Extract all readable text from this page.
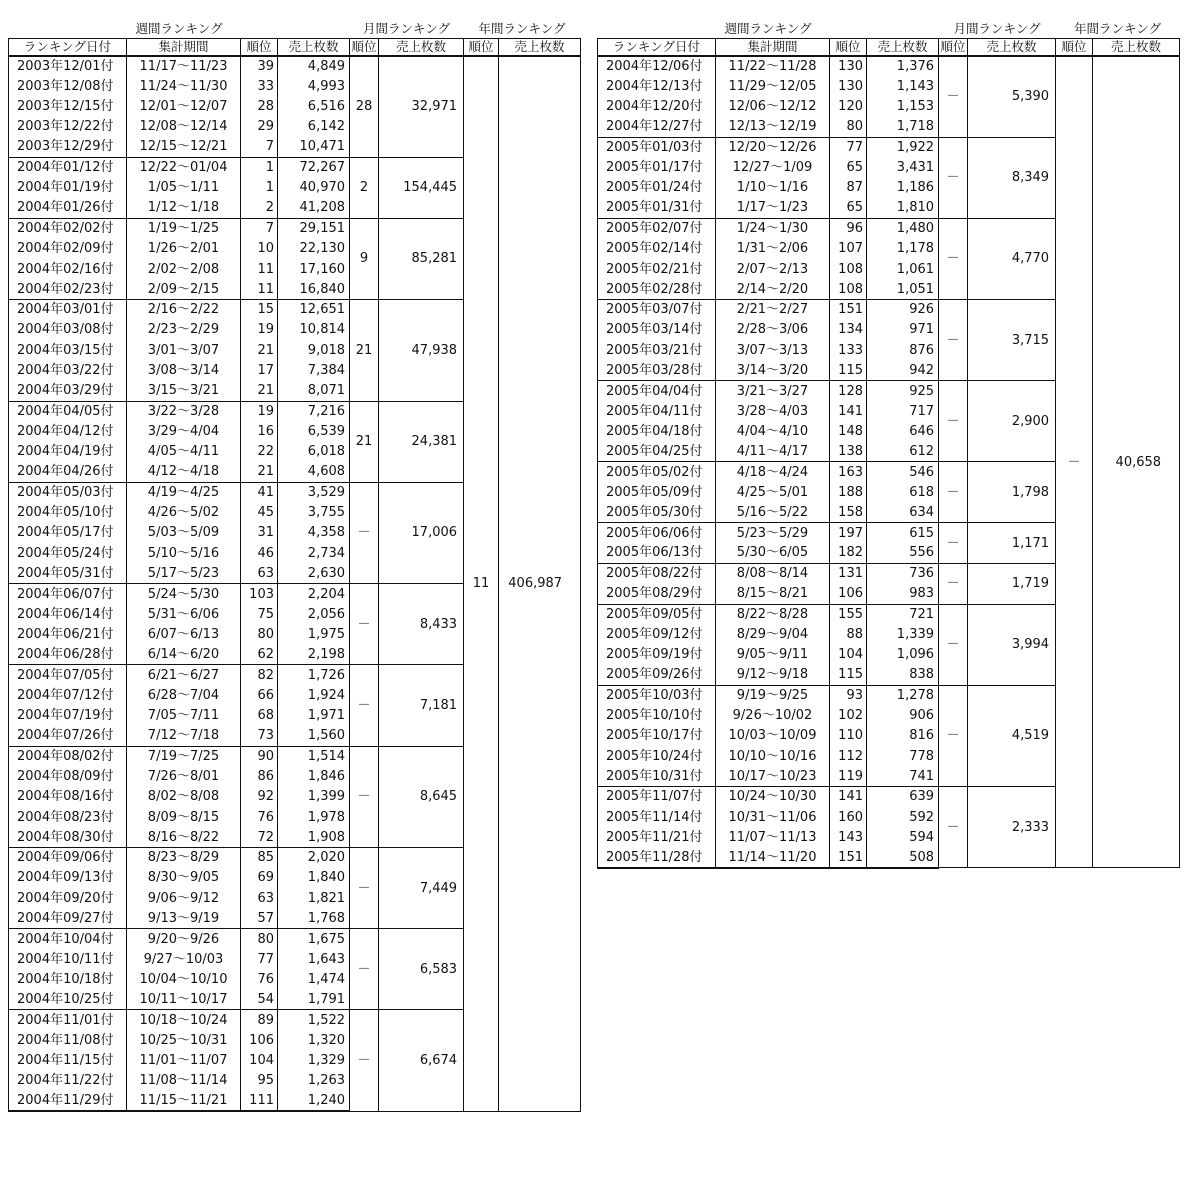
週間ランキング				月間ランキング		年間ランキング	
ランキング日付	集計期間	順位	売上枚数	順位	売上枚数	順位	売上枚数
2003年12/01付	11/17～11/23	39	4,849	28	32,971	11	406,987
2003年12/08付	11/24～11/30	33	4,993				
2003年12/15付	12/01～12/07	28	6,516				
2003年12/22付	12/08～12/14	29	6,142				
2003年12/29付	12/15～12/21	7	10,471				
2004年01/12付	12/22～01/04	1	72,267	2	154,445		
2004年01/19付	1/05～1/11	1	40,970				
2004年01/26付	1/12～1/18	2	41,208				
2004年02/02付	1/19～1/25	7	29,151	9	85,281		
2004年02/09付	1/26～2/01	10	22,130				
2004年02/16付	2/02～2/08	11	17,160				
2004年02/23付	2/09～2/15	11	16,840				
2004年03/01付	2/16～2/22	15	12,651	21	47,938		
2004年03/08付	2/23～2/29	19	10,814				
2004年03/15付	3/01～3/07	21	9,018				
2004年03/22付	3/08～3/14	17	7,384				
2004年03/29付	3/15～3/21	21	8,071				
2004年04/05付	3/22～3/28	19	7,216	21	24,381		
2004年04/12付	3/29～4/04	16	6,539				
2004年04/19付	4/05～4/11	22	6,018				
2004年04/26付	4/12～4/18	21	4,608				
2004年05/03付	4/19～4/25	41	3,529	－	17,006		
2004年05/10付	4/26～5/02	45	3,755				
2004年05/17付	5/03～5/09	31	4,358				
2004年05/24付	5/10～5/16	46	2,734				
2004年05/31付	5/17～5/23	63	2,630				
2004年06/07付	5/24～5/30	103	2,204	－	8,433		
2004年06/14付	5/31～6/06	75	2,056				
2004年06/21付	6/07～6/13	80	1,975				
2004年06/28付	6/14～6/20	62	2,198				
2004年07/05付	6/21～6/27	82	1,726	－	7,181		
2004年07/12付	6/28～7/04	66	1,924				
2004年07/19付	7/05～7/11	68	1,971				
2004年07/26付	7/12～7/18	73	1,560				
2004年08/02付	7/19～7/25	90	1,514	－	8,645		
2004年08/09付	7/26～8/01	86	1,846				
2004年08/16付	8/02～8/08	92	1,399				
2004年08/23付	8/09～8/15	76	1,978				
2004年08/30付	8/16～8/22	72	1,908				
2004年09/06付	8/23～8/29	85	2,020	－	7,449		
2004年09/13付	8/30～9/05	69	1,840				
2004年09/20付	9/06～9/12	63	1,821				
2004年09/27付	9/13～9/19	57	1,768				
2004年10/04付	9/20～9/26	80	1,675	－	6,583		
2004年10/11付	9/27～10/03	77	1,643				
2004年10/18付	10/04～10/10	76	1,474				
2004年10/25付	10/11～10/17	54	1,791				
2004年11/01付	10/18～10/24	89	1,522	－	6,674		
2004年11/08付	10/25～10/31	106	1,320				
2004年11/15付	11/01～11/07	104	1,329				
2004年11/22付	11/08～11/14	95	1,263				
2004年11/29付	11/15～11/21	111	1,240				
週間ランキング				月間ランキング		年間ランキング	
ランキング日付	集計期間	順位	売上枚数	順位	売上枚数	順位	売上枚数
2004年12/06付	11/22～11/28	130	1,376	－	5,390	－	40,658
2004年12/13付	11/29～12/05	130	1,143				
2004年12/20付	12/06～12/12	120	1,153				
2004年12/27付	12/13～12/19	80	1,718				
2005年01/03付	12/20～12/26	77	1,922	－	8,349		
2005年01/17付	12/27～1/09	65	3,431				
2005年01/24付	1/10～1/16	87	1,186				
2005年01/31付	1/17～1/23	65	1,810				
2005年02/07付	1/24～1/30	96	1,480	－	4,770		
2005年02/14付	1/31～2/06	107	1,178				
2005年02/21付	2/07～2/13	108	1,061				
2005年02/28付	2/14～2/20	108	1,051				
2005年03/07付	2/21～2/27	151	926	－	3,715		
2005年03/14付	2/28～3/06	134	971				
2005年03/21付	3/07～3/13	133	876				
2005年03/28付	3/14～3/20	115	942				
2005年04/04付	3/21～3/27	128	925	－	2,900		
2005年04/11付	3/28～4/03	141	717				
2005年04/18付	4/04～4/10	148	646				
2005年04/25付	4/11～4/17	138	612				
2005年05/02付	4/18～4/24	163	546	－	1,798		
2005年05/09付	4/25～5/01	188	618				
2005年05/30付	5/16～5/22	158	634				
2005年06/06付	5/23～5/29	197	615	－	1,171		
2005年06/13付	5/30～6/05	182	556				
2005年08/22付	8/08～8/14	131	736	－	1,719		
2005年08/29付	8/15～8/21	106	983				
2005年09/05付	8/22～8/28	155	721	－	3,994		
2005年09/12付	8/29～9/04	88	1,339				
2005年09/19付	9/05～9/11	104	1,096				
2005年09/26付	9/12～9/18	115	838				
2005年10/03付	9/19～9/25	93	1,278	－	4,519		
2005年10/10付	9/26～10/02	102	906				
2005年10/17付	10/03～10/09	110	816				
2005年10/24付	10/10～10/16	112	778				
2005年10/31付	10/17～10/23	119	741				
2005年11/07付	10/24～10/30	141	639	－	2,333		
2005年11/14付	10/31～11/06	160	592				
2005年11/21付	11/07～11/13	143	594				
2005年11/28付	11/14～11/20	151	508				
